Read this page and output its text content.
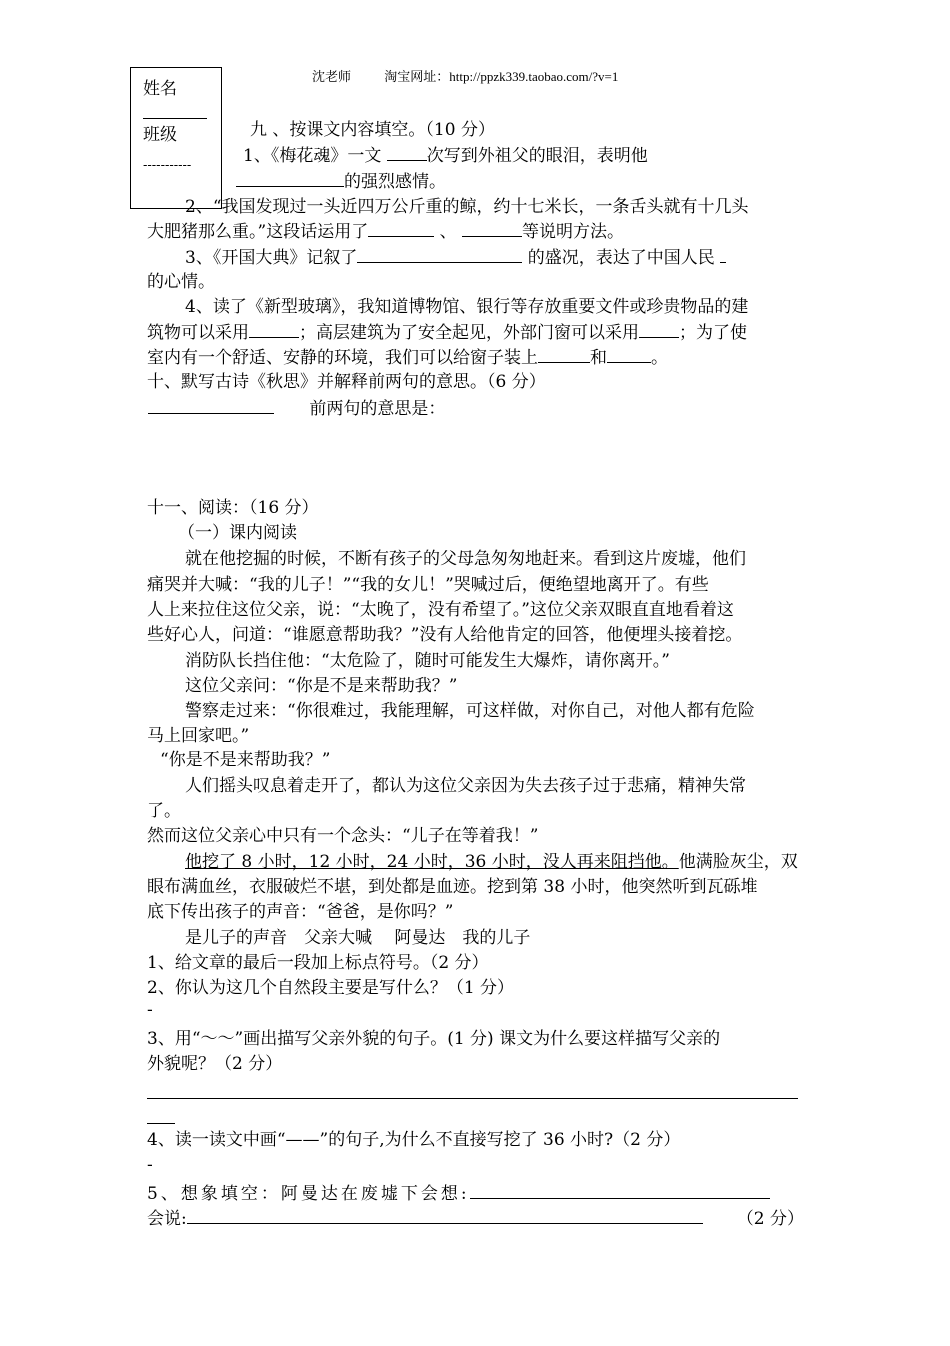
沈老师	淘宝网址：http://ppzk339.taobao.com/?v=1
姓名
班级
-----------
九 、按课文内容填空。（10 分）
1、《梅花魂》一文	次写到外祖父的眼泪，表明他
的强烈感情。
2、“我国发现过一头近四万公斤重的鲸，约十七米长，一条舌头就有十几头
大肥猪那么重。”这段话运用了	、	等说明方法。
3、《开国大典》记叙了	的盛况，表达了中国人民
的心情。
4、读了《新型玻璃》，我知道博物馆、银行等存放重要文件或珍贵物品的建
筑物可以采用	；高层建筑为了安全起见，外部门窗可以采用 ；为了使
室内有一个舒适、安静的环境，我们可以给窗子装上	和	。
十、默写古诗《秋思》并解释前两句的意思。（6 分）
前两句的意思是：
十一、阅读：（16 分）
（一）课内阅读
就在他挖掘的时候，不断有孩子的父母急匆匆地赶来。看到这片废墟，他们
痛哭并大喊：“我的儿子！”“我的女儿！”哭喊过后，便绝望地离开了。有些
人上来拉住这位父亲，说：“太晚了，没有希望了。”这位父亲双眼直直地看着这
些好心人，问道：“谁愿意帮助我？”没有人给他肯定的回答，他便埋头接着挖。
消防队长挡住他：“太危险了，随时可能发生大爆炸，请你离开。”
这位父亲问：“你是不是来帮助我？”
警察走过来：“你很难过，我能理解，可这样做，对你自己，对他人都有危险
马上回家吧。”
“你是不是来帮助我？”
人们摇头叹息着走开了，都认为这位父亲因为失去孩子过于悲痛，精神失常
了。
然而这位父亲心中只有一个念头：“儿子在等着我！”
他挖了 8 小时，12 小时，24 小时，36 小时，没人再来阻挡他。他满脸灰尘，双
眼布满血丝，衣服破烂不堪，到处都是血迹。挖到第 38 小时，他突然听到瓦砾堆
底下传出孩子的声音：“爸爸，是你吗？”
是儿子的声音　父亲大喊　 阿曼达　我的儿子
1、给文章的最后一段加上标点符号。（2 分）
2、你认为这几个自然段主要是写什么？（1 分）
-
3、用“～～”画出描写父亲外貌的句子。(1 分) 课文为什么要这样描写父亲的
外貌呢？（2 分）
4、读一读文中画“——”的句子,为什么不直接写挖了 36 小时?（2 分）
-
5、想象填空：阿曼达在废墟下会想:
会说:	（2 分）
